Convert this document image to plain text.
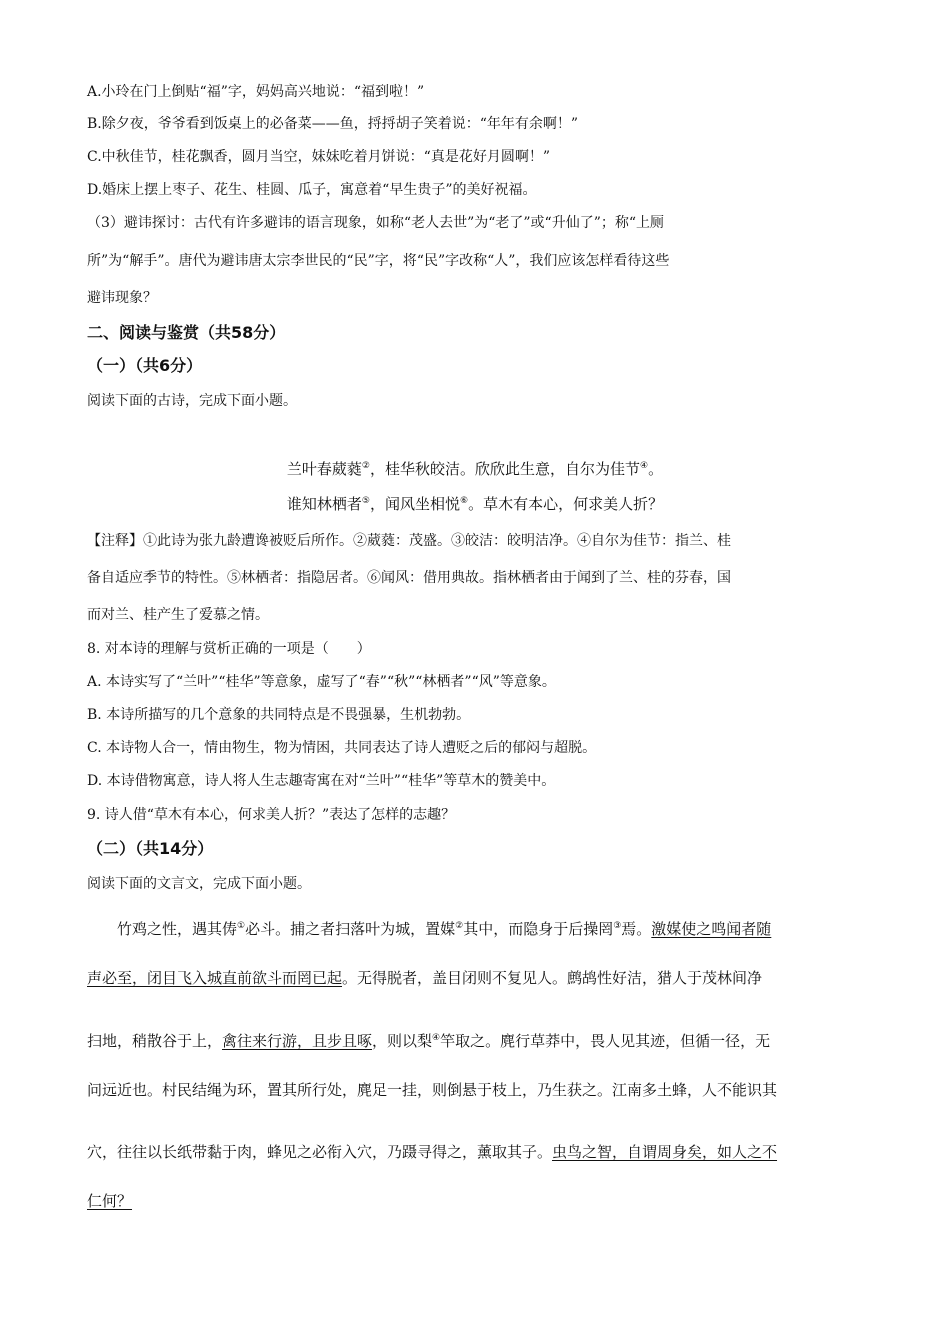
A.小玲在门上倒贴“福”字，妈妈高兴地说：“福到啦！”
B.除夕夜，爷爷看到饭桌上的必备菜——鱼，捋捋胡子笑着说：“年年有余啊！”
C.中秋佳节，桂花飘香，圆月当空，妹妹吃着月饼说：“真是花好月圆啊！”
D.婚床上摆上枣子、花生、桂圆、瓜子，寓意着“早生贵子”的美好祝福。
（3）避讳探讨：古代有许多避讳的语言现象，如称“老人去世”为“老了”或“升仙了”；称“上厕
所”为“解手”。唐代为避讳唐太宗李世民的“民”字，将“民”字改称“人”，我们应该怎样看待这些
避讳现象？
二、阅读与鉴赏（共58分）
（一）（共6分）
阅读下面的古诗，完成下面小题。
兰叶春葳蕤②，桂华秋皎洁。欣欣此生意，自尔为佳节④。
谁知林栖者⑤，闻风坐相悦⑥。草木有本心，何求美人折？
【注释】①此诗为张九龄遭谗被贬后所作。②葳蕤：茂盛。③皎洁：皎明洁净。④自尔为佳节：指兰、桂
备自适应季节的特性。⑤林栖者：指隐居者。⑥闻风：借用典故。指林栖者由于闻到了兰、桂的芬春，国
而对兰、桂产生了爱慕之情。
8. 对本诗的理解与赏析正确的一项是（　　）
A. 本诗实写了“兰叶”“桂华”等意象，虚写了“春”“秋”“林栖者”“风”等意象。
B. 本诗所描写的几个意象的共同特点是不畏强暴，生机勃勃。
C. 本诗物人合一，情由物生，物为情困，共同表达了诗人遭贬之后的郁闷与超脱。
D. 本诗借物寓意，诗人将人生志趣寄寓在对“兰叶”“桂华”等草木的赞美中。
9. 诗人借“草木有本心，何求美人折？”表达了怎样的志趣？
（二）（共14分）
阅读下面的文言文，完成下面小题。
竹鸡之性，遇其俦①必斗。捕之者扫落叶为城，置媒②其中，而隐身于后操罔③焉。激媒使之鸣闻者随
声必至，闭目飞入城直前欲斗而罔已起。无得脱者，盖目闭则不复见人。鹧鸪性好洁，猎人于茂林间净
扫地，稍散谷于上，禽往来行游，且步且啄，则以梨④竿取之。麂行草莽中，畏人见其迹，但循一径，无
问远近也。村民结绳为环，置其所行处，麂足一挂，则倒悬于枝上，乃生获之。江南多土蜂，人不能识其
穴，往往以长纸带黏于肉，蜂见之必衔入穴，乃蹑寻得之，薰取其子。虫鸟之智，自谓周身矣，如人之不
仁何？
